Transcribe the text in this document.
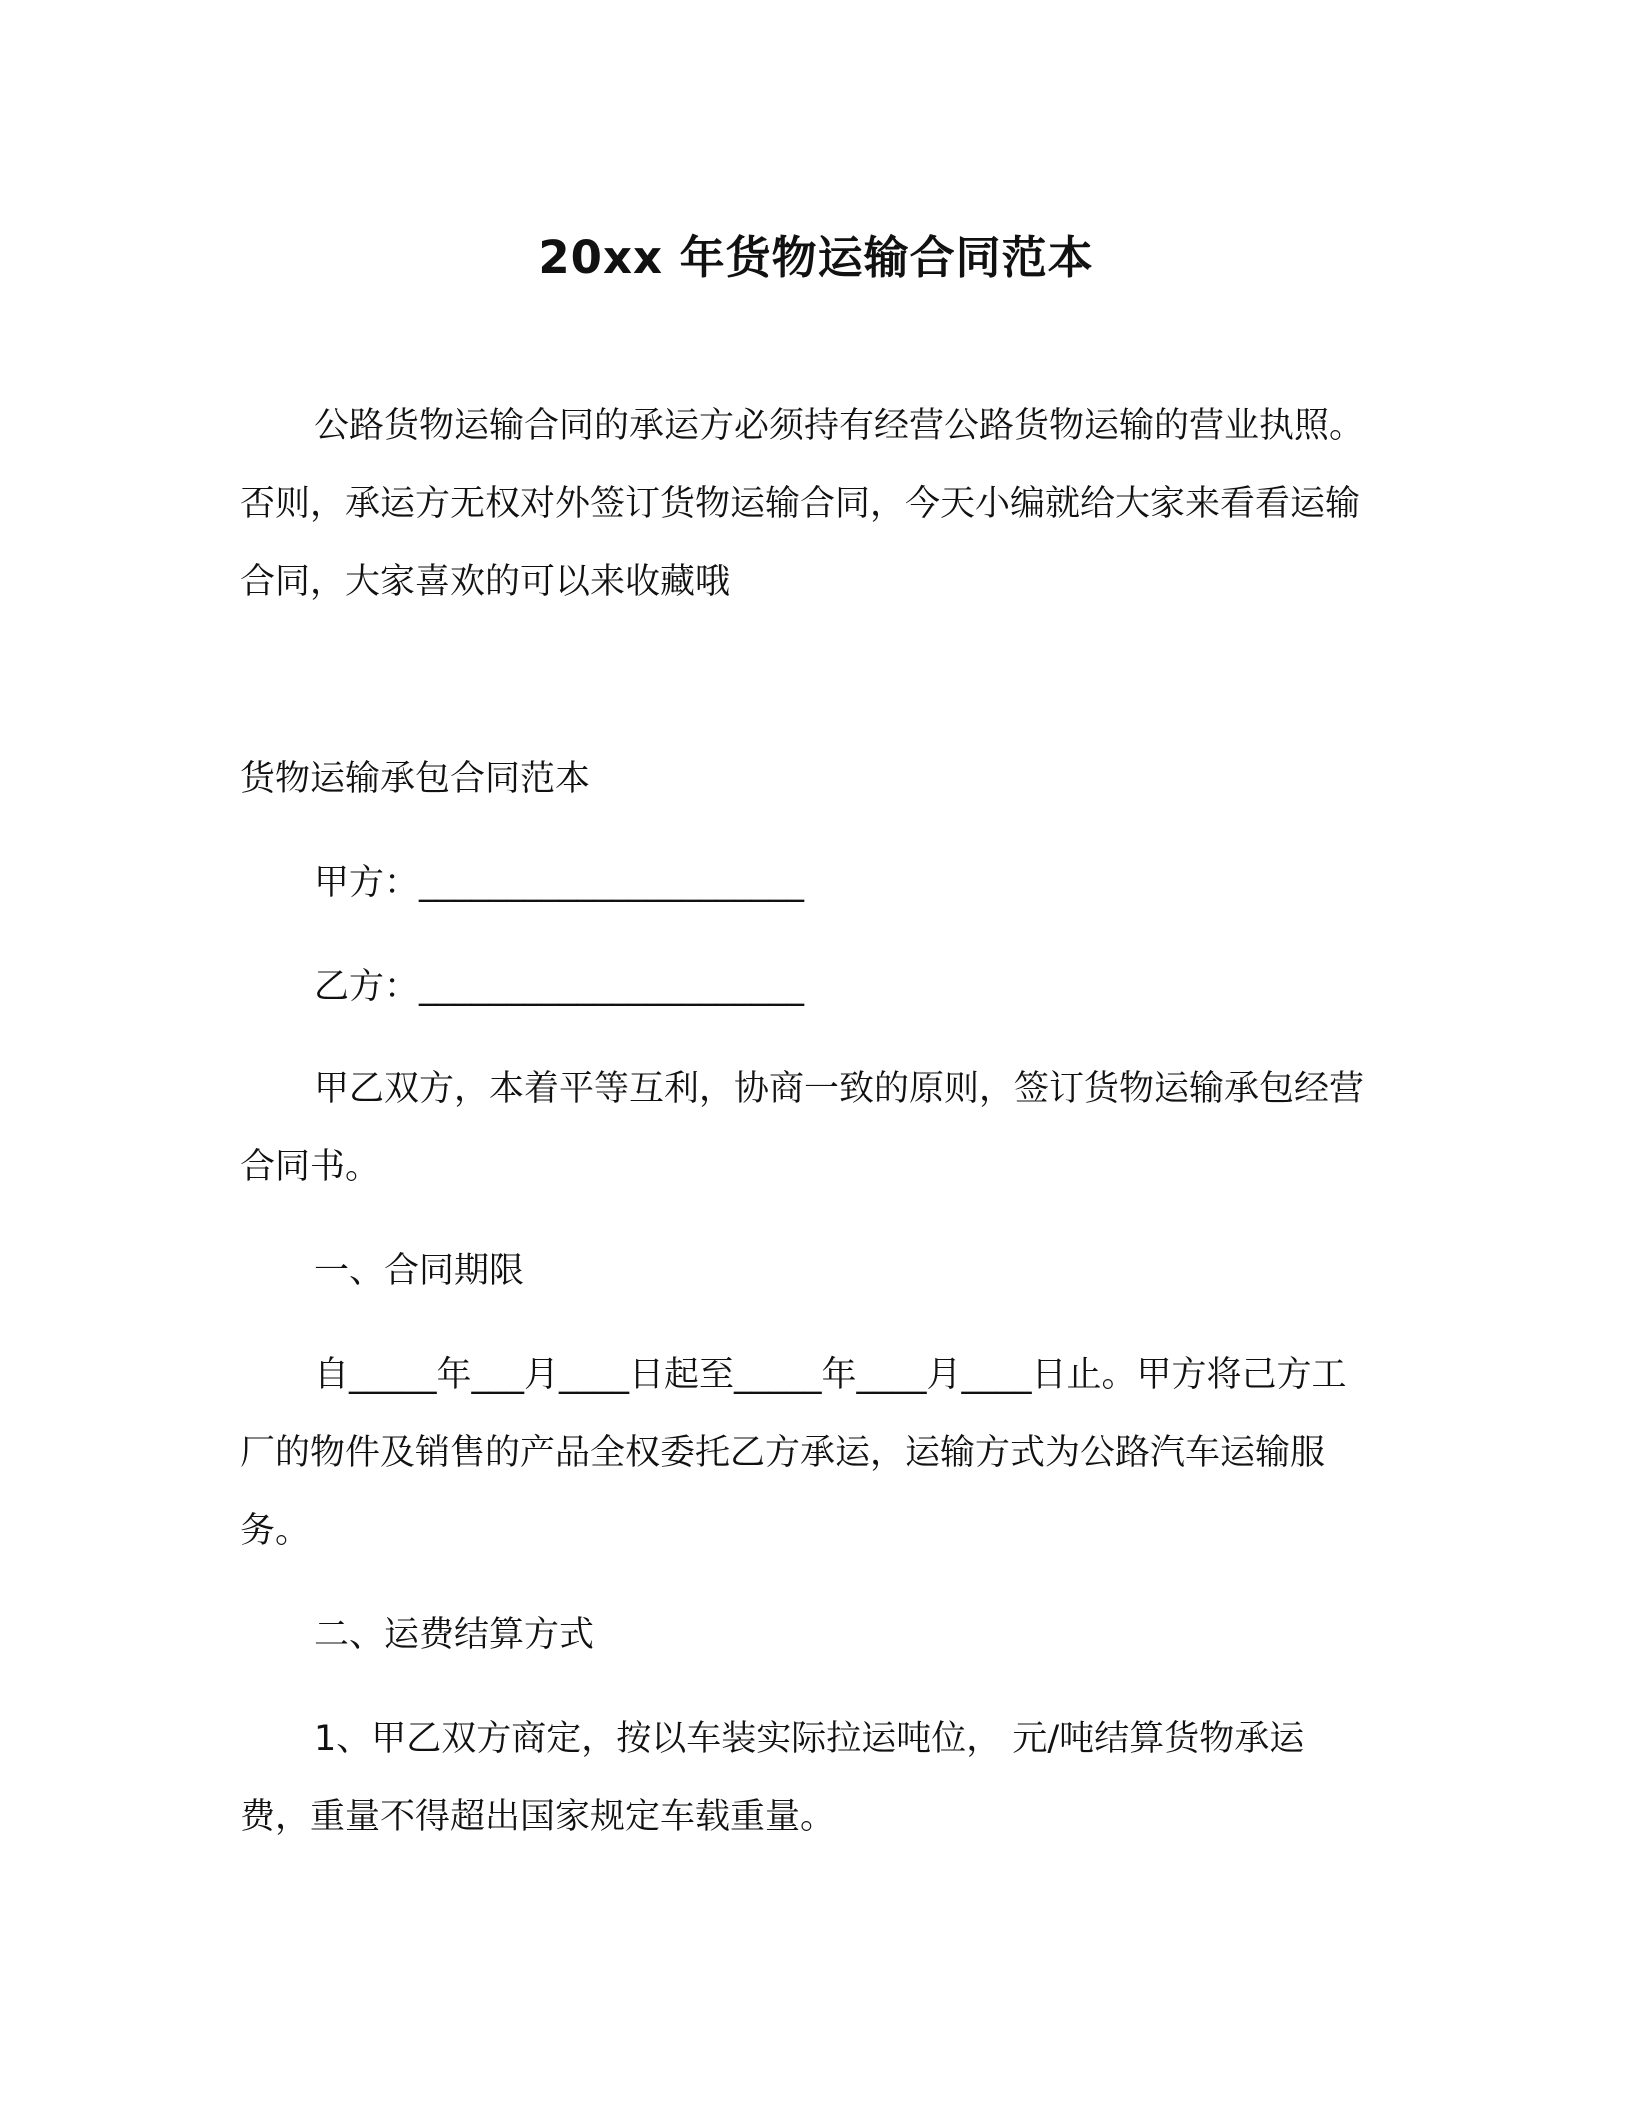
20xx 年货物运输合同范本

公路货物运输合同的承运方必须持有经营公路货物运输的营业执照。否则，承运方无权对外签订货物运输合同，今天小编就给大家来看看运输合同，大家喜欢的可以来收藏哦

货物运输承包合同范本

甲方：______________________

乙方：______________________

甲乙双方，本着平等互利，协商一致的原则，签订货物运输承包经营合同书。

一、合同期限

自_____年___月____日起至_____年____月____日止。甲方将己方工厂的物件及销售的产品全权委托乙方承运，运输方式为公路汽车运输服务。

二、运费结算方式

1、甲乙双方商定，按以车装实际拉运吨位， 元/吨结算货物承运费，重量不得超出国家规定车载重量。
